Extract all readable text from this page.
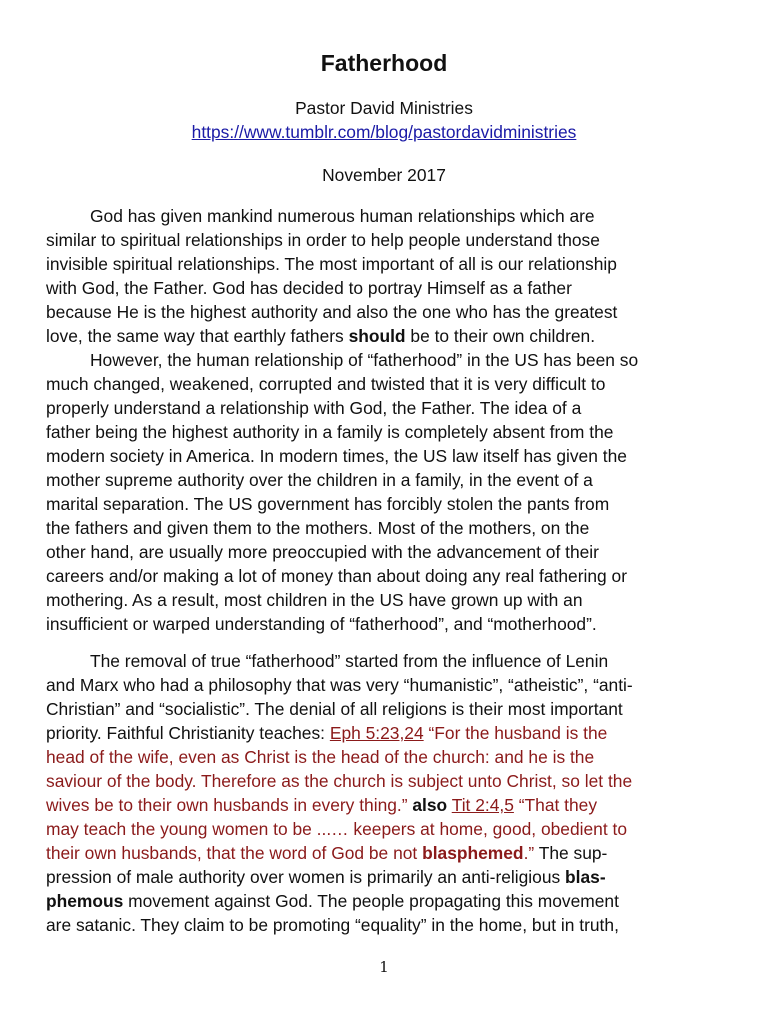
Fatherhood
Pastor David Ministries
https://www.tumblr.com/blog/pastordavidministries
November 2017
God has given mankind numerous human relationships which are
similar to spiritual relationships in order to help people understand those
invisible spiritual relationships. The most important of all is our relationship
with God, the Father. God has decided to portray Himself as a father
because He is the highest authority and also the one who has the greatest
love, the same way that earthly fathers should be to their own children.
However, the human relationship of “fatherhood” in the US has been so
much changed, weakened, corrupted and twisted that it is very difficult to
properly understand a relationship with God, the Father. The idea of a
father being the highest authority in a family is completely absent from the
modern society in America. In modern times, the US law itself has given the
mother supreme authority over the children in a family, in the event of a
marital separation. The US government has forcibly stolen the pants from
the fathers and given them to the mothers. Most of the mothers, on the
other hand, are usually more preoccupied with the advancement of their
careers and/or making a lot of money than about doing any real fathering or
mothering. As a result, most children in the US have grown up with an
insufficient or warped understanding of “fatherhood”, and “motherhood”.
The removal of true “fatherhood” started from the influence of Lenin
and Marx who had a philosophy that was very “humanistic”, “atheistic”, “anti-
Christian” and “socialistic”. The denial of all religions is their most important
priority. Faithful Christianity teaches: Eph 5:23,24 “For the husband is the
head of the wife, even as Christ is the head of the church: and he is the
saviour of the body. Therefore as the church is subject unto Christ, so let the
wives be to their own husbands in every thing.” also Tit 2:4,5 “That they
may teach the young women to be ...… keepers at home, good, obedient to
their own husbands, that the word of God be not blasphemed.” The sup-
pression of male authority over women is primarily an anti-religious blas-
phemous movement against God. The people propagating this movement
are satanic. They claim to be promoting “equality” in the home, but in truth,
1
